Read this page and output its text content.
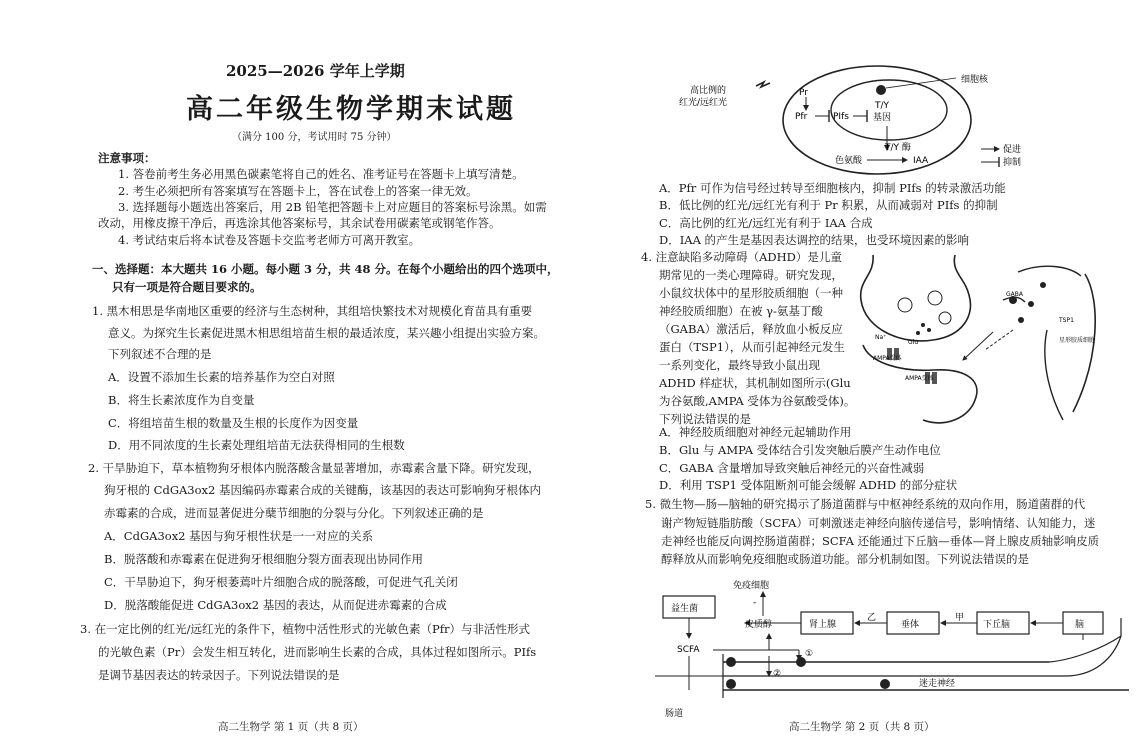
2025—2026 学年上学期
高二年级生物学期末试题
（满分 100 分，考试用时 75 分钟）
注意事项：
1. 答卷前考生务必用黑色碳素笔将自己的姓名、准考证号在答题卡上填写清楚。
2. 考生必须把所有答案填写在答题卡上，答在试卷上的答案一律无效。
3. 选择题每小题选出答案后，用 2B 铅笔把答题卡上对应题目的答案标号涂黑。如需
改动，用橡皮擦干净后，再选涂其他答案标号，其余试卷用碳素笔或钢笔作答。
4. 考试结束后将本试卷及答题卡交监考老师方可离开教室。
一、选择题：本大题共 16 小题。每小题 3 分，共 48 分。在每个小题给出的四个选项中，
只有一项是符合题目要求的。
1. 黑木相思是华南地区重要的经济与生态树种，其组培快繁技术对规模化育苗具有重要
意义。为探究生长素促进黑木相思组培苗生根的最适浓度，某兴趣小组提出实验方案。
下列叙述不合理的是
A．设置不添加生长素的培养基作为空白对照
B．将生长素浓度作为自变量
C．将组培苗生根的数量及生根的长度作为因变量
D．用不同浓度的生长素处理组培苗无法获得相同的生根数
2. 干旱胁迫下，草本植物狗牙根体内脱落酸含量显著增加，赤霉素含量下降。研究发现，
狗牙根的 CdGA3ox2 基因编码赤霉素合成的关键酶，该基因的表达可影响狗牙根体内
赤霉素的合成，进而显著促进分蘖节细胞的分裂与分化。下列叙述正确的是
A．CdGA3ox2 基因与狗牙根性状是一一对应的关系
B．脱落酸和赤霉素在促进狗牙根细胞分裂方面表现出协同作用
C．干旱胁迫下，狗牙根萎蔫叶片细胞合成的脱落酸，可促进气孔关闭
D．脱落酸能促进 CdGA3ox2 基因的表达，从而促进赤霉素的合成
3. 在一定比例的红光/远红光的条件下，植物中活性形式的光敏色素（Pfr）与非活性形式
的光敏色素（Pr）会发生相互转化，进而影响生长素的合成，具体过程如图所示。PIfs
是调节基因表达的转录因子。下列说法错误的是
高二生物学 第 1 页（共 8 页）
高比例的
红光/远红光
细胞核
Pr
Pfr	PIfs
T/Y
基因
T/Y 酶
色氨酸	IAA
促进
抑制
A．Pfr 可作为信号经过转导至细胞核内，抑制 PIfs 的转录激活功能
B．低比例的红光/远红光有利于 Pr 积累，从而减弱对 PIfs 的抑制
C．高比例的红光/远红光有利于 IAA 合成
D．IAA 的产生是基因表达调控的结果，也受环境因素的影响
4. 注意缺陷多动障碍（ADHD）是儿童
期常见的一类心理障碍。研究发现，
小鼠纹状体中的星形胶质细胞（一种
神经胶质细胞）在被 γ-氨基丁酸
（GABA）激活后，释放血小板反应
蛋白（TSP1），从而引起神经元发生
一系列变化，最终导致小鼠出现
ADHD 样症状，其机制如图所示(Glu
为谷氨酸,AMPA 受体为谷氨酸受体)。
下列说法错误的是
GABA
TSP1
Na⁺
Glu
AMPA受体
AMPA受体
星形胶质细胞
A．神经胶质细胞对神经元起辅助作用
B．Glu 与 AMPA 受体结合引发突触后膜产生动作电位
C．GABA 含量增加导致突触后神经元的兴奋性减弱
D．利用 TSP1 受体阻断剂可能会缓解 ADHD 的部分症状
5. 微生物—肠—脑轴的研究揭示了肠道菌群与中枢神经系统的双向作用，肠道菌群的代
谢产物短链脂肪酸（SCFA）可刺激迷走神经向脑传递信号，影响情绪、认知能力，迷
走神经也能反向调控肠道菌群；SCFA 还能通过下丘脑—垂体—肾上腺皮质轴影响皮质
醇释放从而影响免疫细胞或肠道功能。部分机制如图。下列说法错误的是
免疫细胞
-
益生菌
皮质醇	肾上腺
乙
垂体
甲
下丘脑	脑
SCFA
肠道
迷走神经
①
②
高二生物学 第 2 页（共 8 页）
